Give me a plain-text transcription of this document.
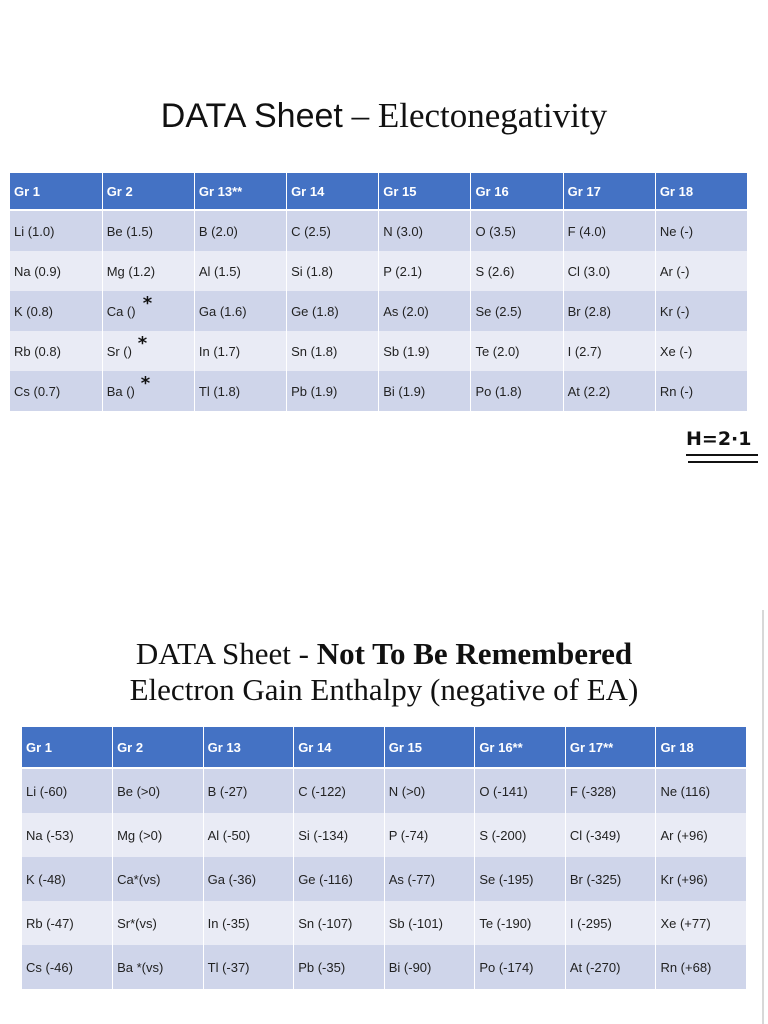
DATA Sheet – Electonegativity
Gr 1	Gr 2	Gr 13**	Gr 14	Gr 15	Gr 16	Gr 17	Gr 18
Li (1.0)	Be (1.5)	B (2.0)	C (2.5)	N (3.0)	O (3.5)	F (4.0)	Ne (-)
Na (0.9)	Mg (1.2)	Al (1.5)	Si (1.8)	P (2.1)	S (2.6)	Cl (3.0)	Ar (-)
K (0.8)	Ca () *	Ga (1.6)	Ge (1.8)	As (2.0)	Se (2.5)	Br (2.8)	Kr (-)
Rb (0.8)	Sr () *	In (1.7)	Sn (1.8)	Sb (1.9)	Te (2.0)	I (2.7)	Xe (-)
Cs (0.7)	Ba () *	Tl (1.8)	Pb (1.9)	Bi (1.9)	Po (1.8)	At (2.2)	Rn (-)
H=2·1
DATA Sheet - Not To Be Remembered
Electron Gain Enthalpy (negative of EA)
Gr 1	Gr 2	Gr 13	Gr 14	Gr 15	Gr 16**	Gr 17**	Gr 18
Li (-60)	Be (>0)	B (-27)	C (-122)	N (>0)	O (-141)	F (-328)	Ne (116)
Na (-53)	Mg (>0)	Al (-50)	Si (-134)	P (-74)	S (-200)	Cl (-349)	Ar (+96)
K (-48)	Ca*(vs)	Ga (-36)	Ge (-116)	As (-77)	Se (-195)	Br (-325)	Kr (+96)
Rb (-47)	Sr*(vs)	In (-35)	Sn (-107)	Sb (-101)	Te (-190)	I (-295)	Xe (+77)
Cs (-46)	Ba *(vs)	Tl (-37)	Pb (-35)	Bi (-90)	Po (-174)	At (-270)	Rn (+68)
